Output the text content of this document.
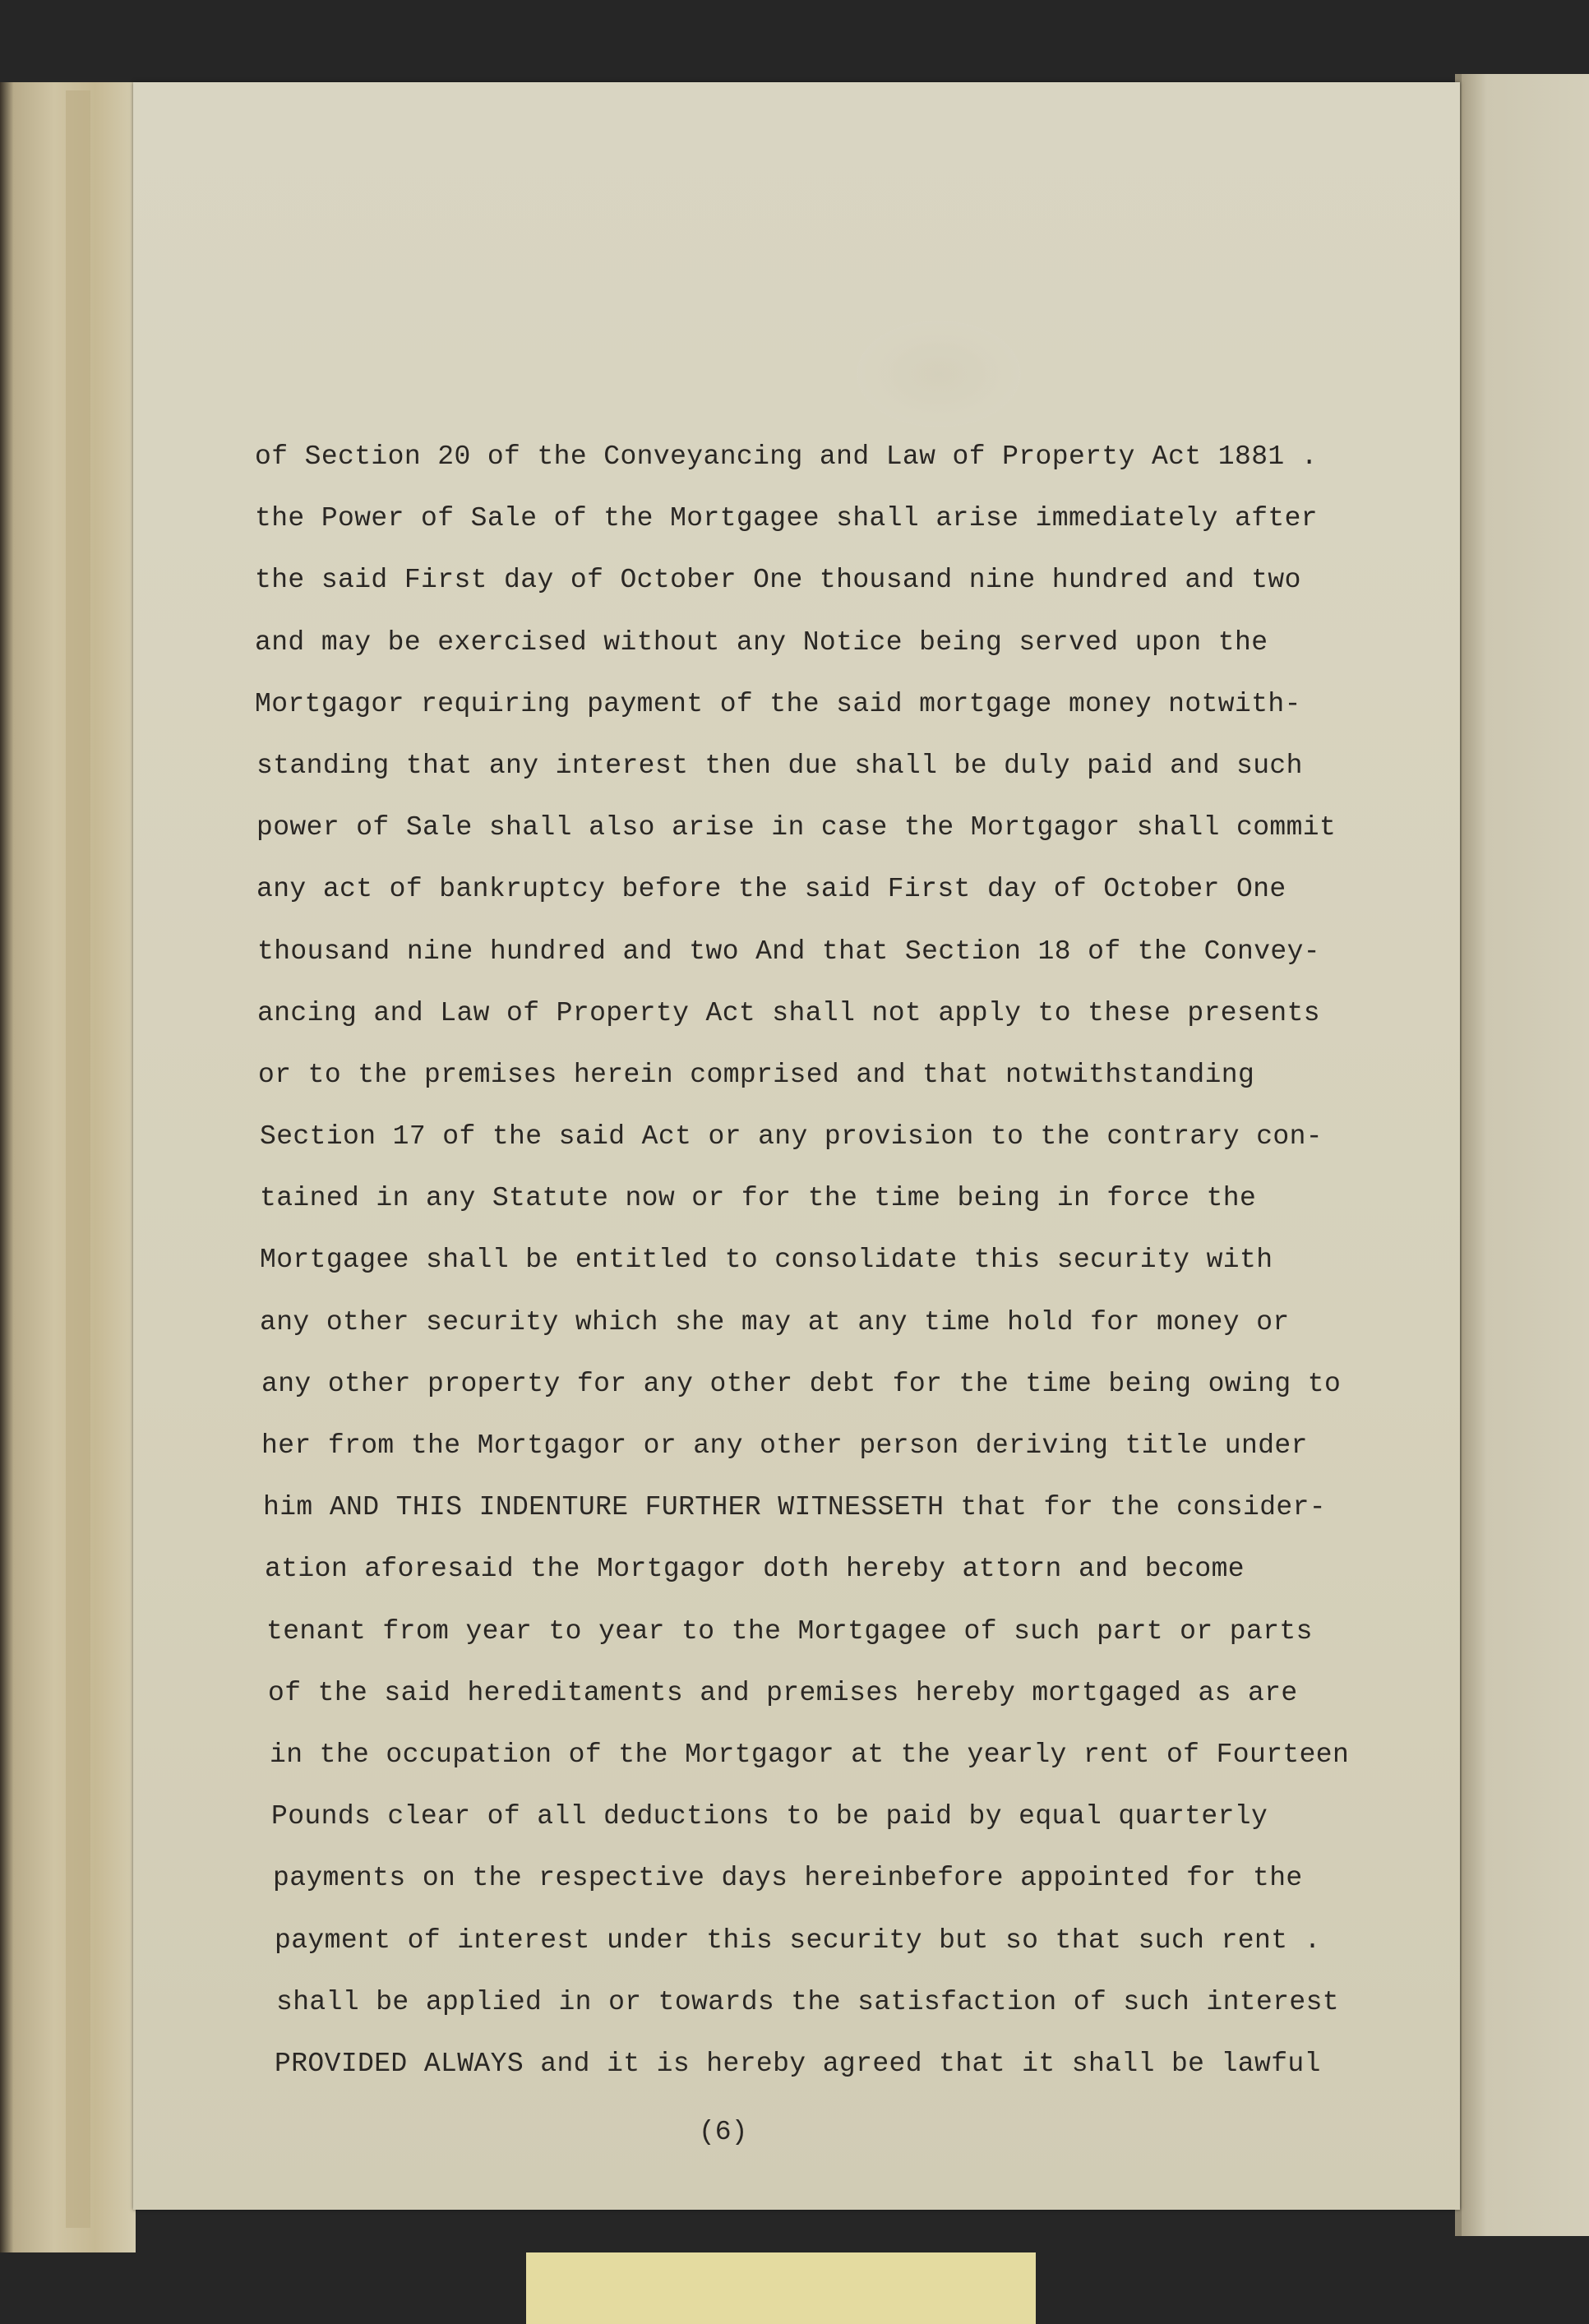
of Section 20 of the Conveyancing and Law of Property Act 1881 .
the Power of Sale of the Mortgagee shall arise immediately after
the said First day of October One thousand nine hundred and two
and may be exercised without any Notice being served upon the
Mortgagor requiring payment of the said mortgage money notwith-
standing that any interest then due shall be duly paid and such
power of Sale shall also arise in case the Mortgagor shall commit
any act of bankruptcy before the said First day of October One
thousand nine hundred and two And that Section 18 of the Convey-
ancing and Law of Property Act shall not apply to these presents
or to the premises herein comprised and that notwithstanding
Section 17 of the said Act or any provision to the contrary con-
tained in any Statute now or for the time being in force the
Mortgagee shall be entitled to consolidate this security with
any other security which she may at any time hold for money or
any other property for any other debt for the time being owing to
her from the Mortgagor or any other person deriving title under
him AND THIS INDENTURE FURTHER WITNESSETH that for the consider-
ation aforesaid the Mortgagor doth hereby attorn and become
tenant from year to year to the Mortgagee of such part or parts
of the said hereditaments and premises hereby mortgaged as are
in the occupation of the Mortgagor at the yearly rent of Fourteen
Pounds clear of all deductions to be paid by equal quarterly
payments on the respective days hereinbefore appointed for the
payment of interest under this security but so that such rent .
shall be applied in or towards the satisfaction of such interest
PROVIDED ALWAYS and it is hereby agreed that it shall be lawful
(6)
